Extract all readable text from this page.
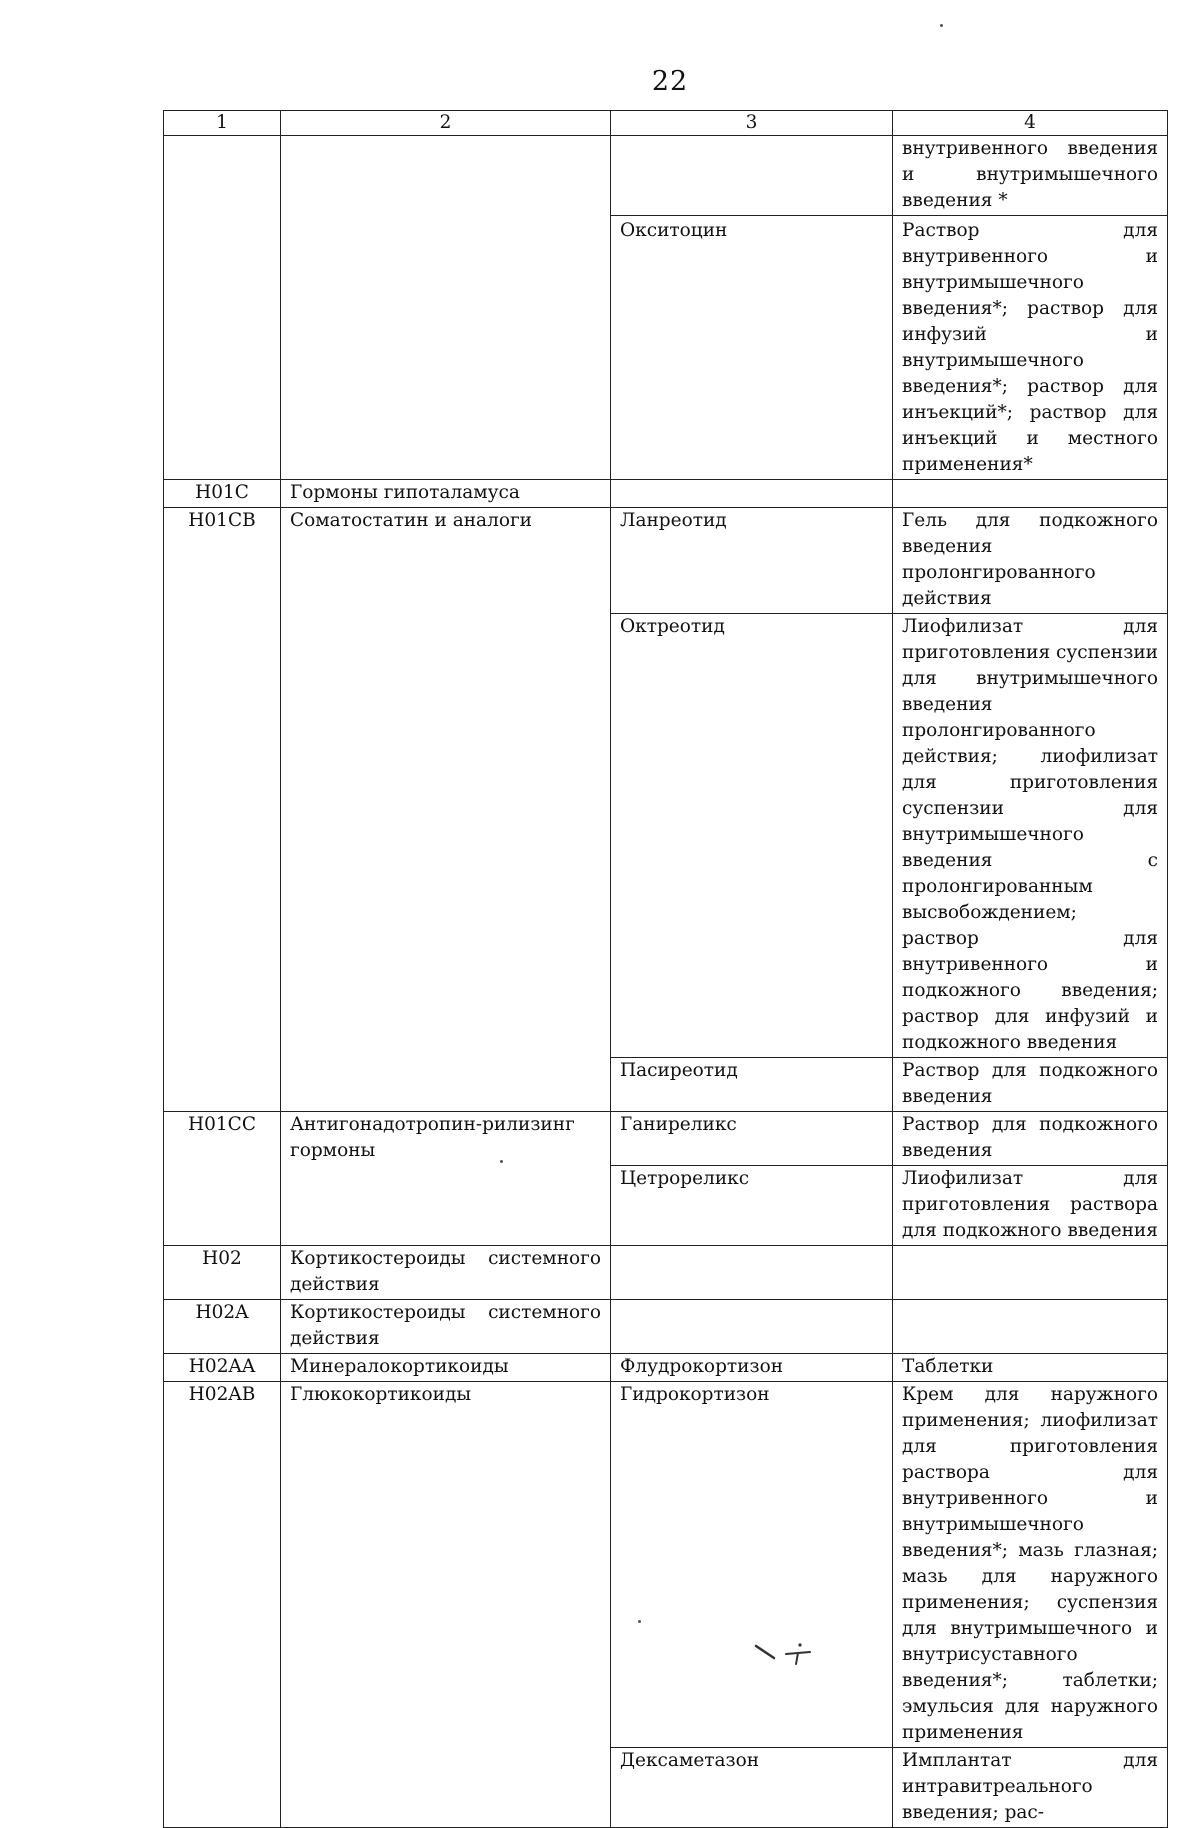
22
1	2	3	4
			внутривенного введения и внутримышечного введения *
		Окситоцин	Раствор для внутривенного и внутримышечного введения*; раствор для инфузий и внутримышечного введения*; раствор для инъекций*; раствор для инъекций и местного применения*
H01C	Гормоны гипоталамуса		
H01CB	Соматостатин и аналоги	Ланреотид	Гель для подкожного введения пролонгированного действия
		Октреотид	Лиофилизат для приготовления суспензии для внутримышечного введения пролонгированного действия; лиофилизат для приготовления суспензии для внутримышечного введения с пролонгированным высвобождением; раствор для внутривенного и подкожного введения; раствор для инфузий и подкожного введения
		Пасиреотид	Раствор для подкожного введения
H01CC	Антигонадотропин-рилизинг гормоны	Ганиреликс	Раствор для подкожного введения
		Цетрореликс	Лиофилизат для приготовления раствора для подкожного введения
H02	Кортикостероиды системного действия		
H02A	Кортикостероиды системного действия		
H02AA	Минералокортикоиды	Флудрокортизон	Таблетки
H02AB	Глюкокортикоиды	Гидрокортизон	Крем для наружного применения; лиофилизат для приготовления раствора для внутривенного и внутримышечного введения*; мазь глазная; мазь для наружного применения; суспензия для внутримышечного и внутрисуставного введения*; таблетки; эмульсия для наружного применения
		Дексаметазон	Имплантат для интравитреального введения; рас-
